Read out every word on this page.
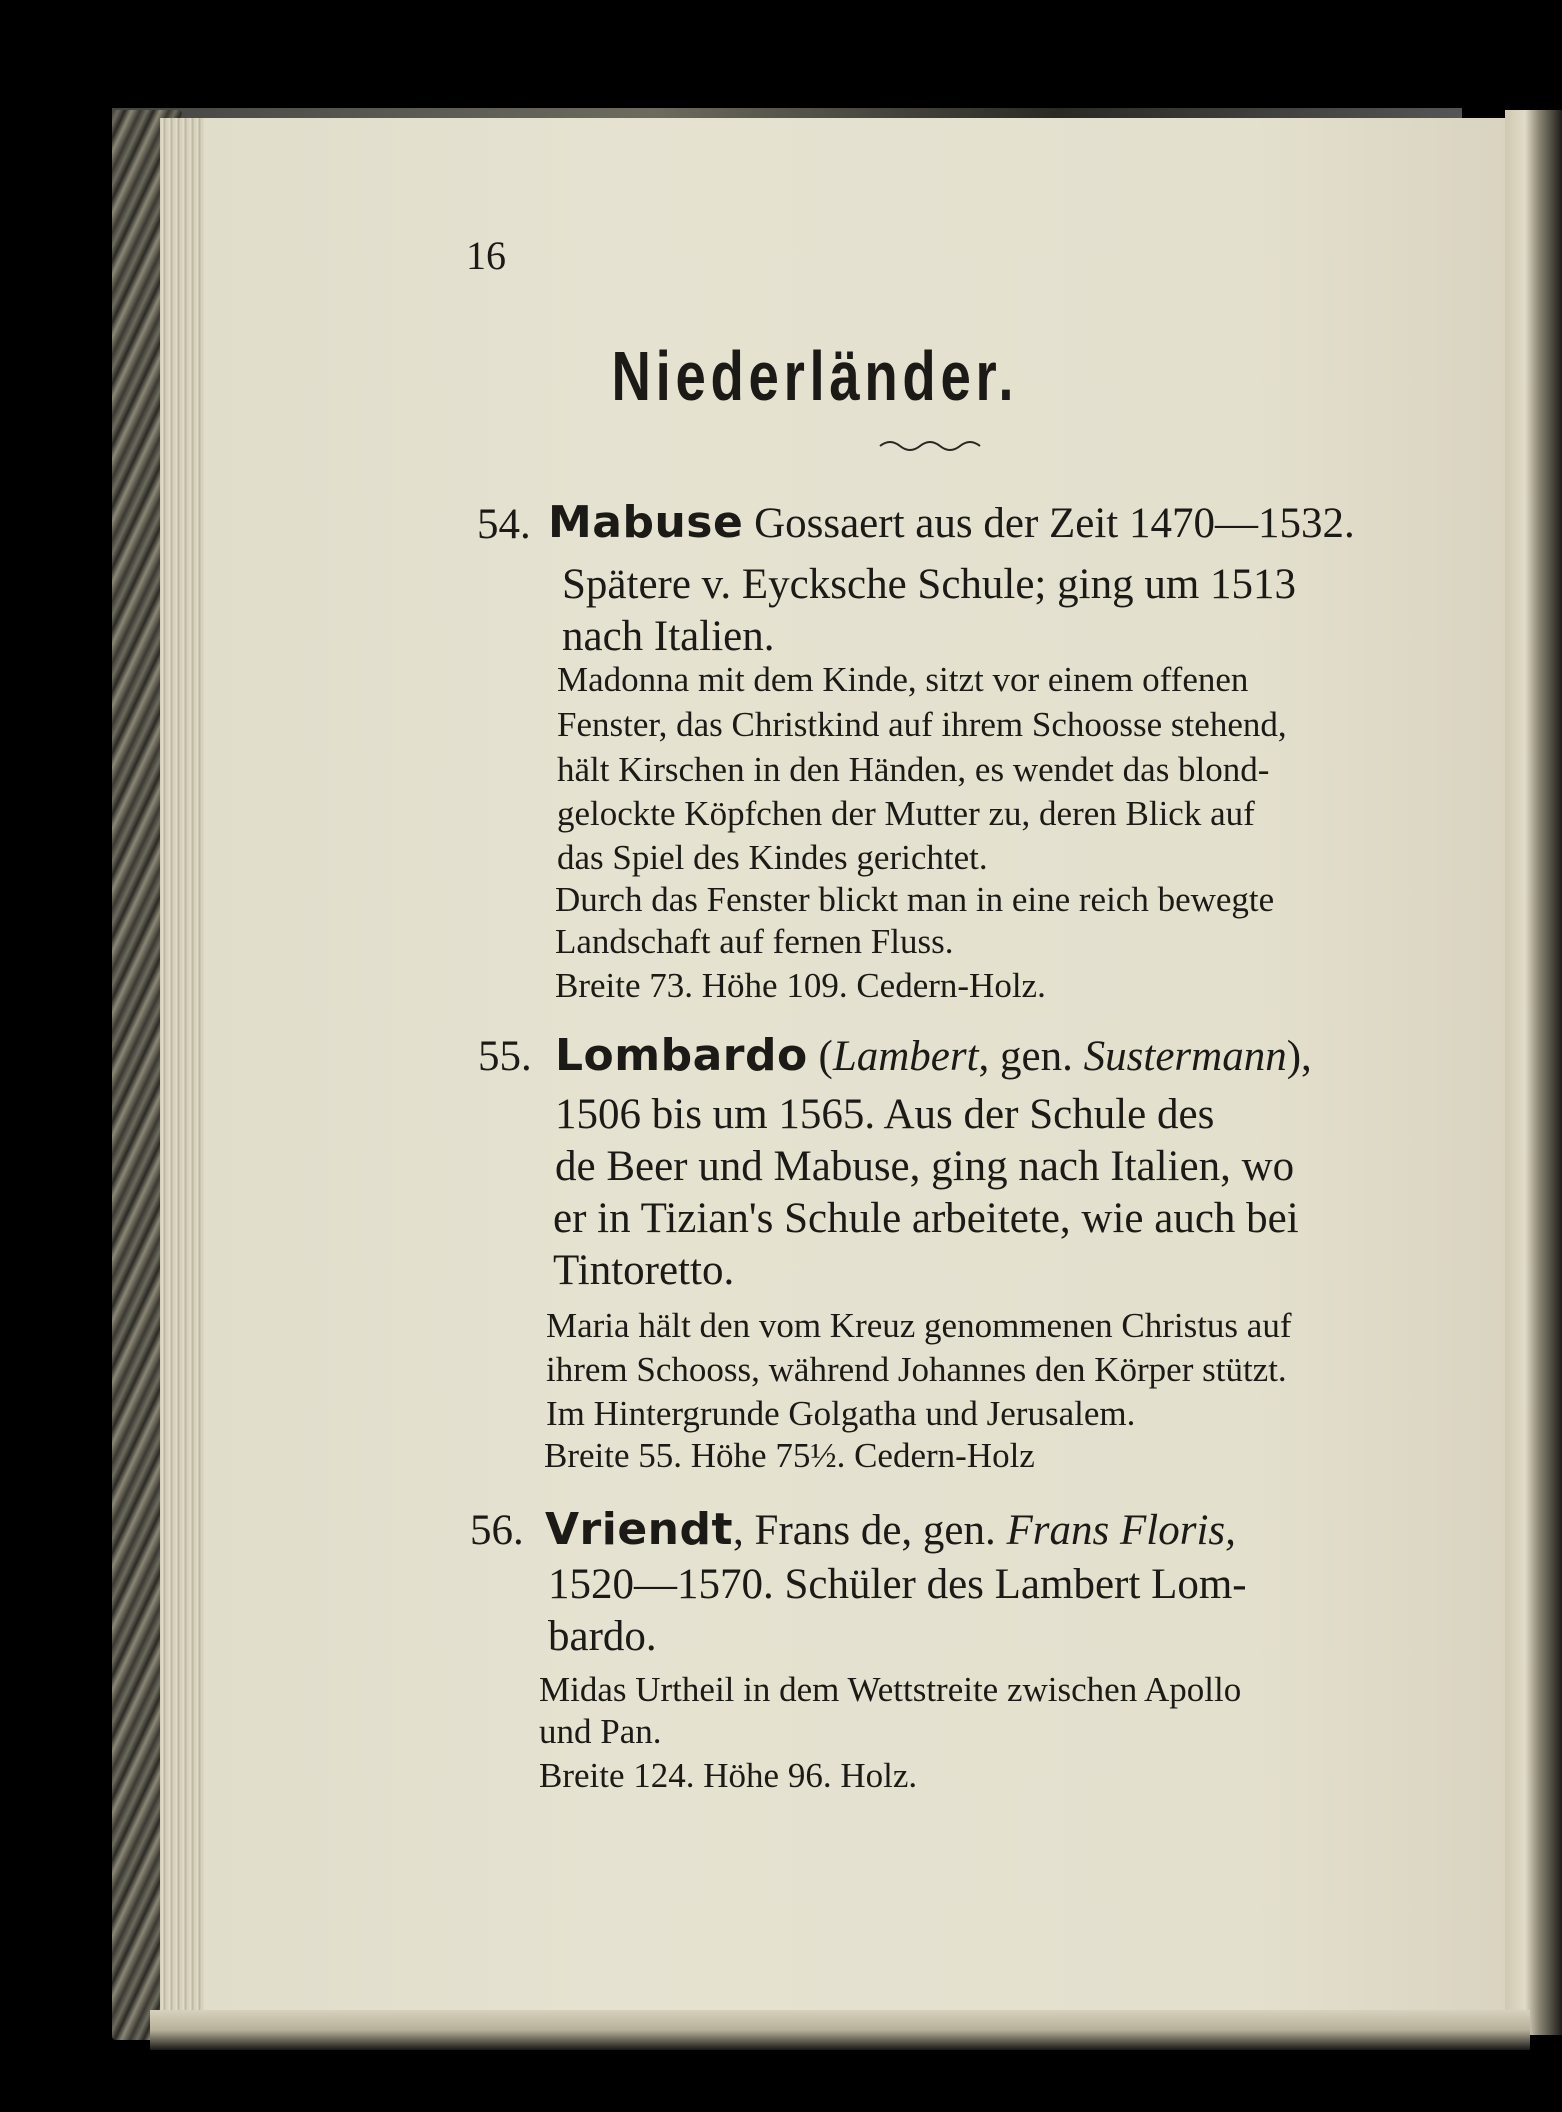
16
Niederländer.
54. Mabuse Gossaert aus der Zeit 1470—1532.
Spätere v. Eycksche Schule; ging um 1513
nach Italien.
Madonna mit dem Kinde, sitzt vor einem offenen
Fenster, das Christkind auf ihrem Schoosse stehend,
hält Kirschen in den Händen, es wendet das blond-
gelockte Köpfchen der Mutter zu, deren Blick auf
das Spiel des Kindes gerichtet.
Durch das Fenster blickt man in eine reich bewegte
Landschaft auf fernen Fluss.
Breite 73. Höhe 109. Cedern-Holz.
55. Lombardo (Lambert, gen. Sustermann),
1506 bis um 1565. Aus der Schule des
de Beer und Mabuse, ging nach Italien, wo
er in Tizian's Schule arbeitete, wie auch bei
Tintoretto.
Maria hält den vom Kreuz genommenen Christus auf
ihrem Schooss, während Johannes den Körper stützt.
Im Hintergrunde Golgatha und Jerusalem.
Breite 55. Höhe 75½. Cedern-Holz
56. Vriendt, Frans de, gen. Frans Floris,
1520—1570. Schüler des Lambert Lom-
bardo.
Midas Urtheil in dem Wettstreite zwischen Apollo
und Pan.
Breite 124. Höhe 96. Holz.
